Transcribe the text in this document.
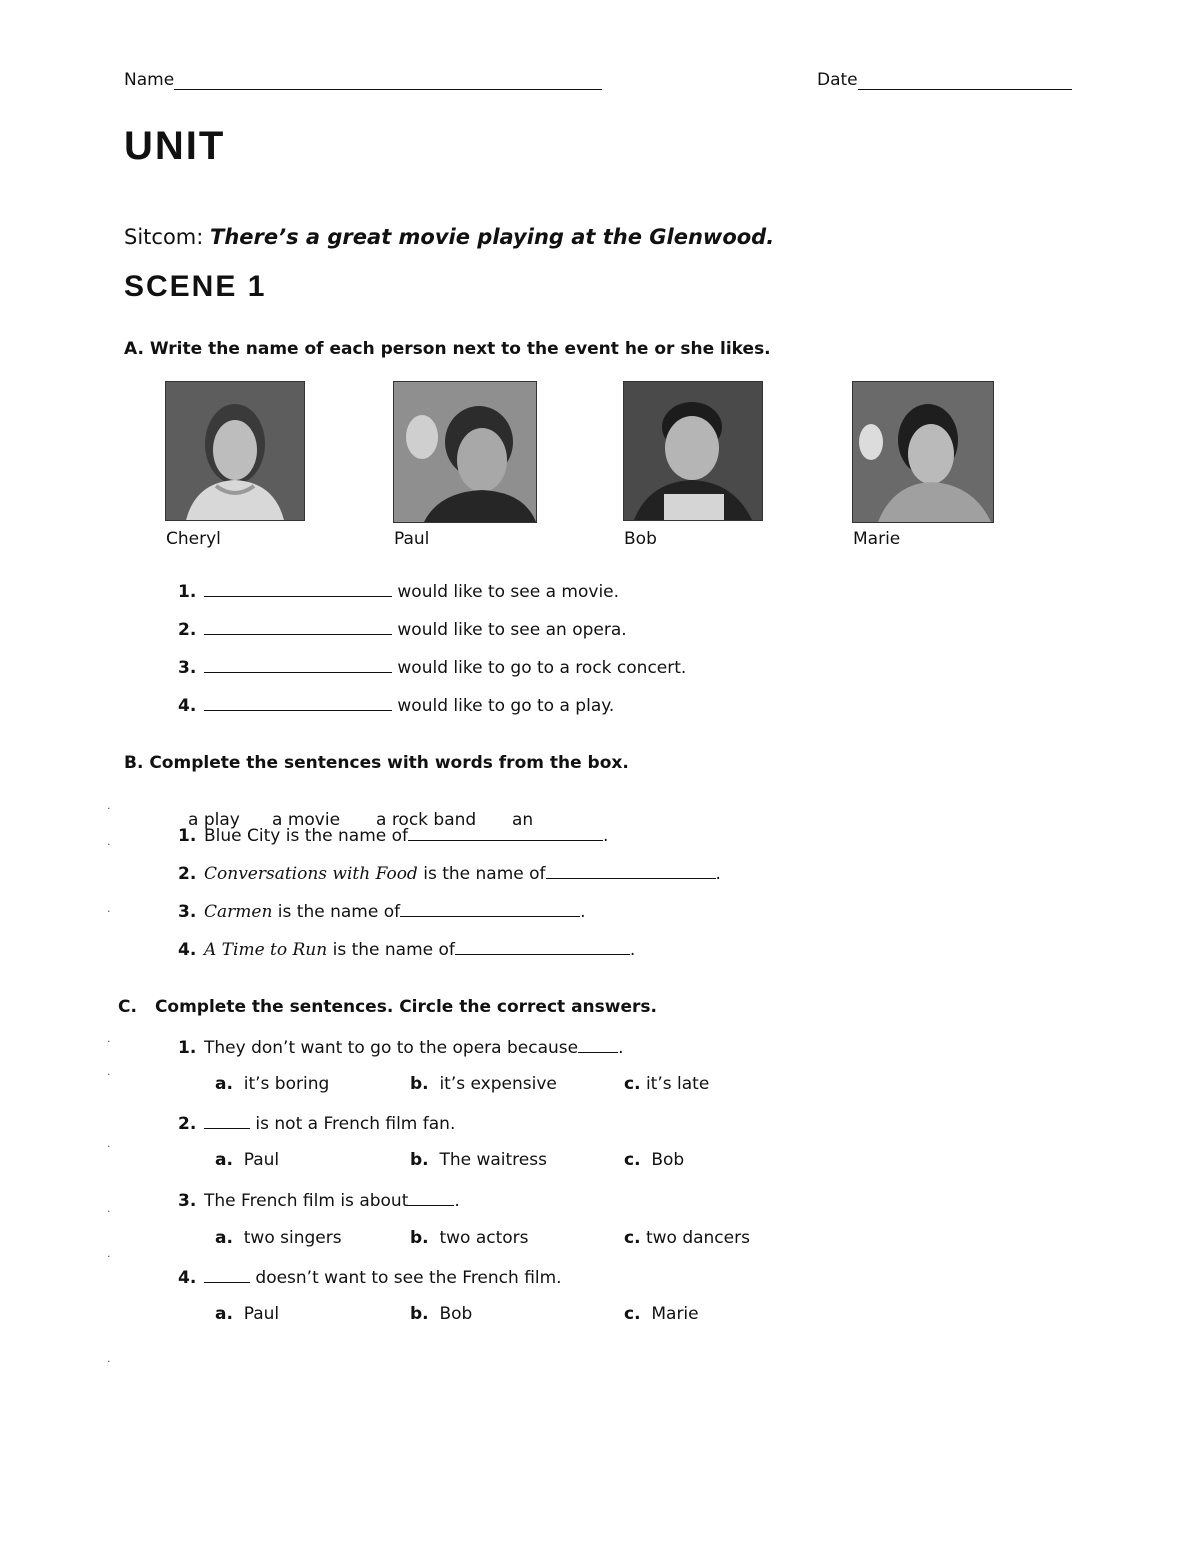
Name	Date
UNIT
Sitcom: There’s a great movie playing at the Glenwood.
SCENE 1
A. Write the name of each person next to the event he or she likes.
Cheryl	Paul	Bob	Marie
1.	would like to see a movie.
2.	would like to see an opera.
3.	would like to go to a rock concert.
4.	would like to go to a play.
B. Complete the sentences with words from the box.
a play a movie a rock band an
1. Blue City is the name of	.
2. Conversations with Food is the name of	.
3. Carmen is the name of	.
4. A Time to Run is the name of	.
C. Complete the sentences. Circle the correct answers.
1. They don’t want to go to the opera because .
a. it’s boring	b. it’s expensive	c. it’s late
2.	is not a French film fan.
a. Paul	b. The waitress	c. Bob
3. The French film is about	.
a. two singers	b. two actors	c. two dancers
4.	doesn’t want to see the French film.
a. Paul	b. Bob	c. Marie
·
·
·
·
·
·
·
·
·
